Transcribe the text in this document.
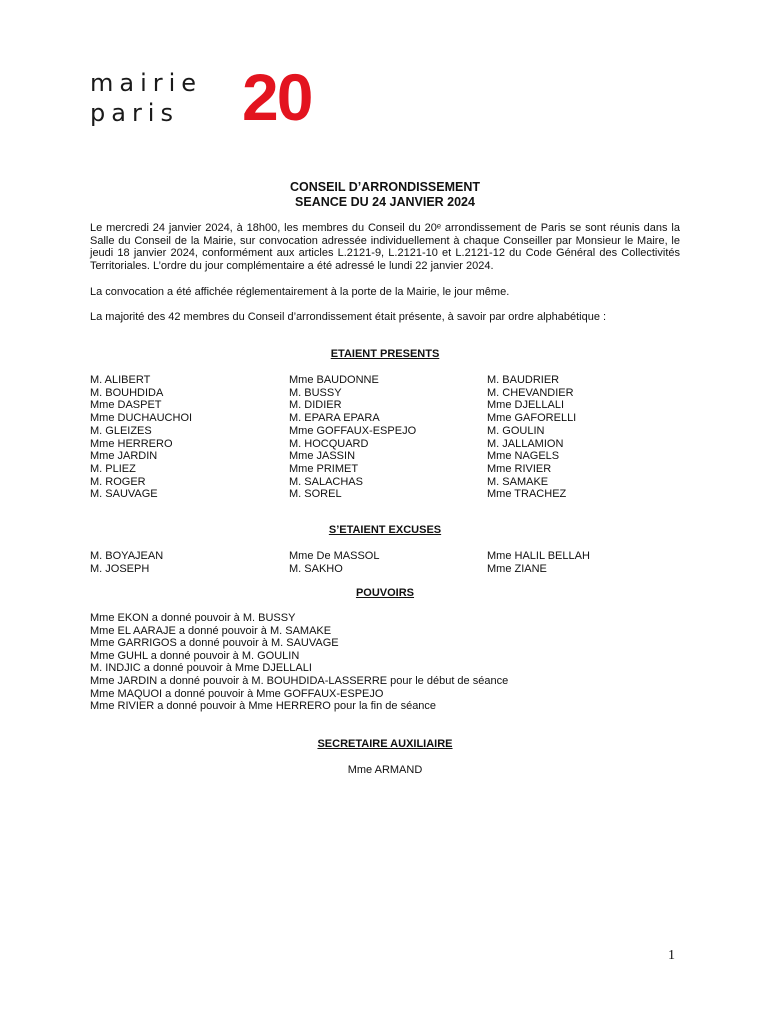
mairie
paris 20
CONSEIL D’ARRONDISSEMENT
SEANCE DU 24 JANVIER 2024
Le mercredi 24 janvier 2024, à 18h00, les membres du Conseil du 20ᵉ arrondissement de Paris se sont réunis dans la Salle du Conseil de la Mairie, sur convocation adressée individuellement à chaque Conseiller par Monsieur le Maire, le jeudi 18 janvier 2024, conformément aux articles L.2121-9, L.2121-10 et L.2121-12 du Code Général des Collectivités Territoriales. L’ordre du jour complémentaire a été adressé le lundi 22 janvier 2024.
La convocation a été affichée réglementairement à la porte de la Mairie, le jour même.
La majorité des 42 membres du Conseil d’arrondissement était présente, à savoir par ordre alphabétique :
ETAIENT PRESENTS
M. ALIBERT
M. BOUHDIDA
Mme DASPET
Mme DUCHAUCHOI
M. GLEIZES
Mme HERRERO
Mme JARDIN
M. PLIEZ
M. ROGER
M. SAUVAGE
Mme BAUDONNE
M. BUSSY
M. DIDIER
M. EPARA EPARA
Mme GOFFAUX-ESPEJO
M. HOCQUARD
Mme JASSIN
Mme PRIMET
M. SALACHAS
M. SOREL
M. BAUDRIER
M. CHEVANDIER
Mme DJELLALI
Mme GAFORELLI
M. GOULIN
M. JALLAMION
Mme NAGELS
Mme RIVIER
M. SAMAKE
Mme TRACHEZ
S’ETAIENT EXCUSES
M. BOYAJEAN
M. JOSEPH
Mme De MASSOL
M. SAKHO
Mme HALIL BELLAH
Mme ZIANE
POUVOIRS
Mme EKON a donné pouvoir à M. BUSSY
Mme EL AARAJE a donné pouvoir à M. SAMAKE
Mme GARRIGOS a donné pouvoir à M. SAUVAGE
Mme GUHL a donné pouvoir à M. GOULIN
M. INDJIC a donné pouvoir à Mme DJELLALI
Mme JARDIN a donné pouvoir à M. BOUHDIDA-LASSERRE pour le début de séance
Mme MAQUOI a donné pouvoir à Mme GOFFAUX-ESPEJO
Mme RIVIER a donné pouvoir à Mme HERRERO pour la fin de séance
SECRETAIRE AUXILIAIRE
Mme ARMAND
1
